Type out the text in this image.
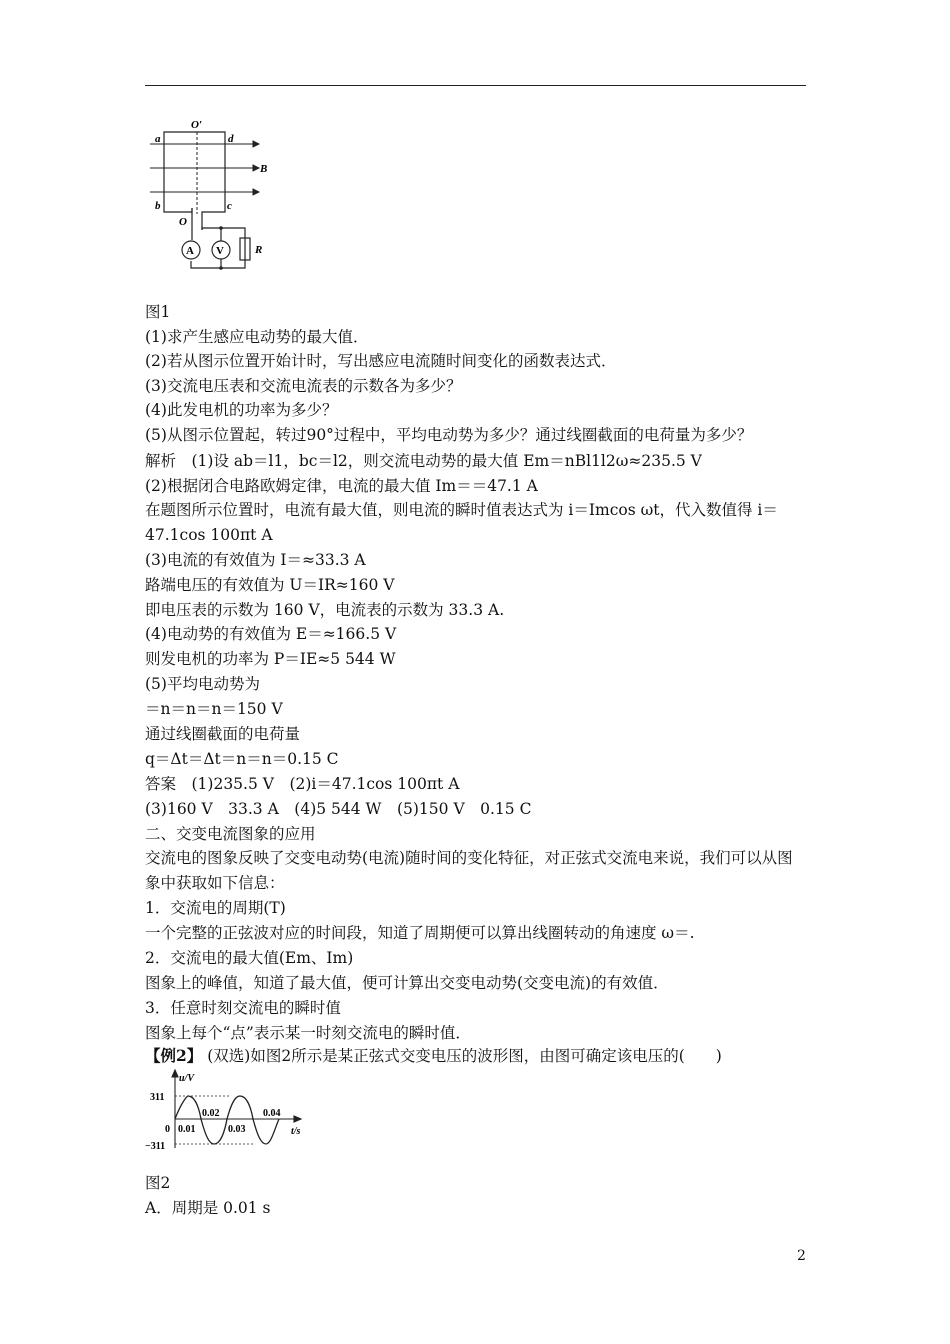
a
O′
d
B
b
O
c
A V	R
图1
(1)求产生感应电动势的最大值．
(2)若从图示位置开始计时，写出感应电流随时间变化的函数表达式．
(3)交流电压表和交流电流表的示数各为多少？
(4)此发电机的功率为多少？
(5)从图示位置起，转过90°过程中，平均电动势为多少？通过线圈截面的电荷量为多少？
解析　(1)设 ab＝l1，bc＝l2，则交流电动势的最大值 Em＝nBl1l2ω≈235.5 V
(2)根据闭合电路欧姆定律，电流的最大值 Im＝＝47.1 A
在题图所示位置时，电流有最大值，则电流的瞬时值表达式为 i＝Imcos ωt，代入数值得 i＝47.1cos 100πt A
(3)电流的有效值为 I＝≈33.3 A
路端电压的有效值为 U＝IR≈160 V
即电压表的示数为 160 V，电流表的示数为 33.3 A.
(4)电动势的有效值为 E＝≈166.5 V
则发电机的功率为 P＝IE≈5 544 W
(5)平均电动势为
＝n＝n＝n＝150 V
通过线圈截面的电荷量
q＝Δt＝Δt＝n＝n＝0.15 C
答案　(1)235.5 V　(2)i＝47.1cos 100πt A
(3)160 V　33.3 A　(4)5 544 W　(5)150 V　0.15 C
二、交变电流图象的应用
交流电的图象反映了交变电动势(电流)随时间的变化特征，对正弦式交流电来说，我们可以从图象中获取如下信息：
1．交流电的周期(T)
一个完整的正弦波对应的时间段，知道了周期便可以算出线圈转动的角速度 ω＝.
2．交流电的最大值(Em、Im)
图象上的峰值，知道了最大值，便可计算出交变电动势(交变电流)的有效值．
3．任意时刻交流电的瞬时值
图象上每个“点”表示某一时刻交流电的瞬时值．
【例2】 (双选)如图2所示是某正弦式交变电压的波形图，由图可确定该电压的(　　)
u/V
311
0
−311
0.01
0.02
0.03
0.04
t/s
图2
A．周期是 0.01 s
2
